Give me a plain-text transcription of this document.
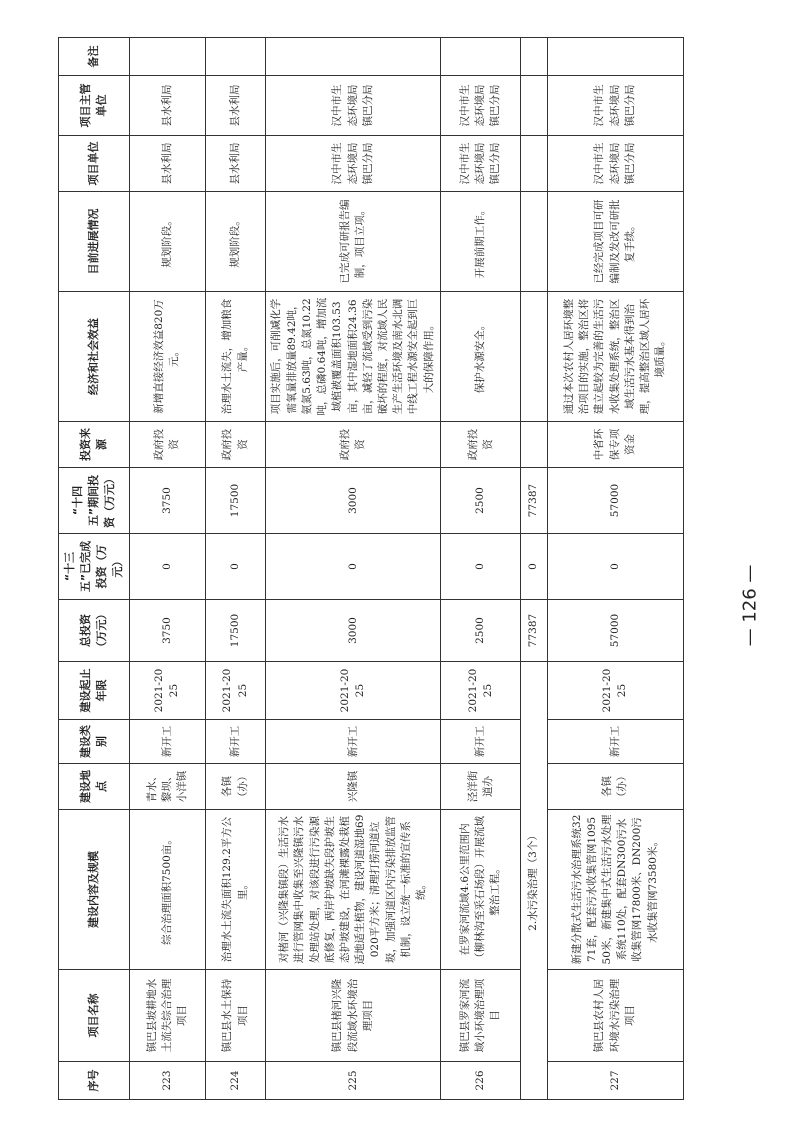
序号	项目名称	建设内容及规模	建设地点	建设类别	建设起止年限	总投资（万元）	“十三五”已完成投资（万元）	“十四五”期间投资（万元）	投资来源	经济和社会效益	目前进展情况	项目单位	项目主管单位	备注
223	镇巴县坡耕地水土流失综合治理项目	综合治理面积7500亩。	青水、黎坝、小洋镇	新开工	2021-2025	3750	0	3750	政府投资	新增直接经济效益820万元。	规划阶段。	县水利局	县水利局	
224	镇巴县水土保持项目	治理水土流失面积129.2平方公里。	各镇（办）	新开工	2021-2025	17500	0	17500	政府投资	治理水土流失，增加粮食产量。	规划阶段。	县水利局	县水利局	
225	镇巴县楮河兴隆段流域水环境治理项目	对楮河（兴隆集镇段）生活污水进行管网集中收集至兴隆镇污水处理站处理，对该段进行污染源底修复，两岸护坡缺失段护坡生态护坡建设，在河滩裸露处栽植适地适生植物，建设河道湿地69020平方米；清理打捞河道垃圾，加强河道区内污染排放监管机制，设立统一标准的宣传系统。	兴隆镇	新开工	2021-2025	3000	0	3000	政府投资	项目实施后，可削减化学需氧量排放量89.42吨，氨氮5.63吨，总氮10.22吨，总磷0.64吨，增加流域植被覆盖面积103.53亩，其中湿地面积24.36亩，减轻了流域受到污染破坏的程度，对流域人民生产生活环境及南水北调中线工程水源安全起到巨大的保障作用。	已完成可研报告编制，项目立项。	汉中市生态环境局镇巴分局	汉中市生态环境局镇巴分局	
226	镇巴县罗家河流域小环境治理项目	在罗家河流域4.6公里范围内（柳林沟至采石场段）开展流域整治工程。	泾洋街道办	新开工	2021-2025	2500	0	2500	政府投资	保护水源安全。	开展前期工作。	汉中市生态环境局镇巴分局	汉中市生态环境局镇巴分局	
2.水污染治理（3个）						77387	0	77387						
227	镇巴县农村人居环境水污染治理项目	新建分散式生活污水治理系统3271套，配套污水收集管网109550米，新建集中式生活污水处理系统110处，配套DN300污水收集管网17800米、DN200污水收集管网73580米。	各镇（办）	新开工	2021-2025	57000	0	57000	中省环保专项资金	通过本次农村人居环境整治项目的实施，整治区将建立起较为完善的生活污水收集处理系统，整治区域生活污水基本得到治理，提高整治区域人居环境质量。	已经完成项目可研编制及发改可研批复手续。	汉中市生态环境局镇巴分局	汉中市生态环境局镇巴分局	
— 126 —
